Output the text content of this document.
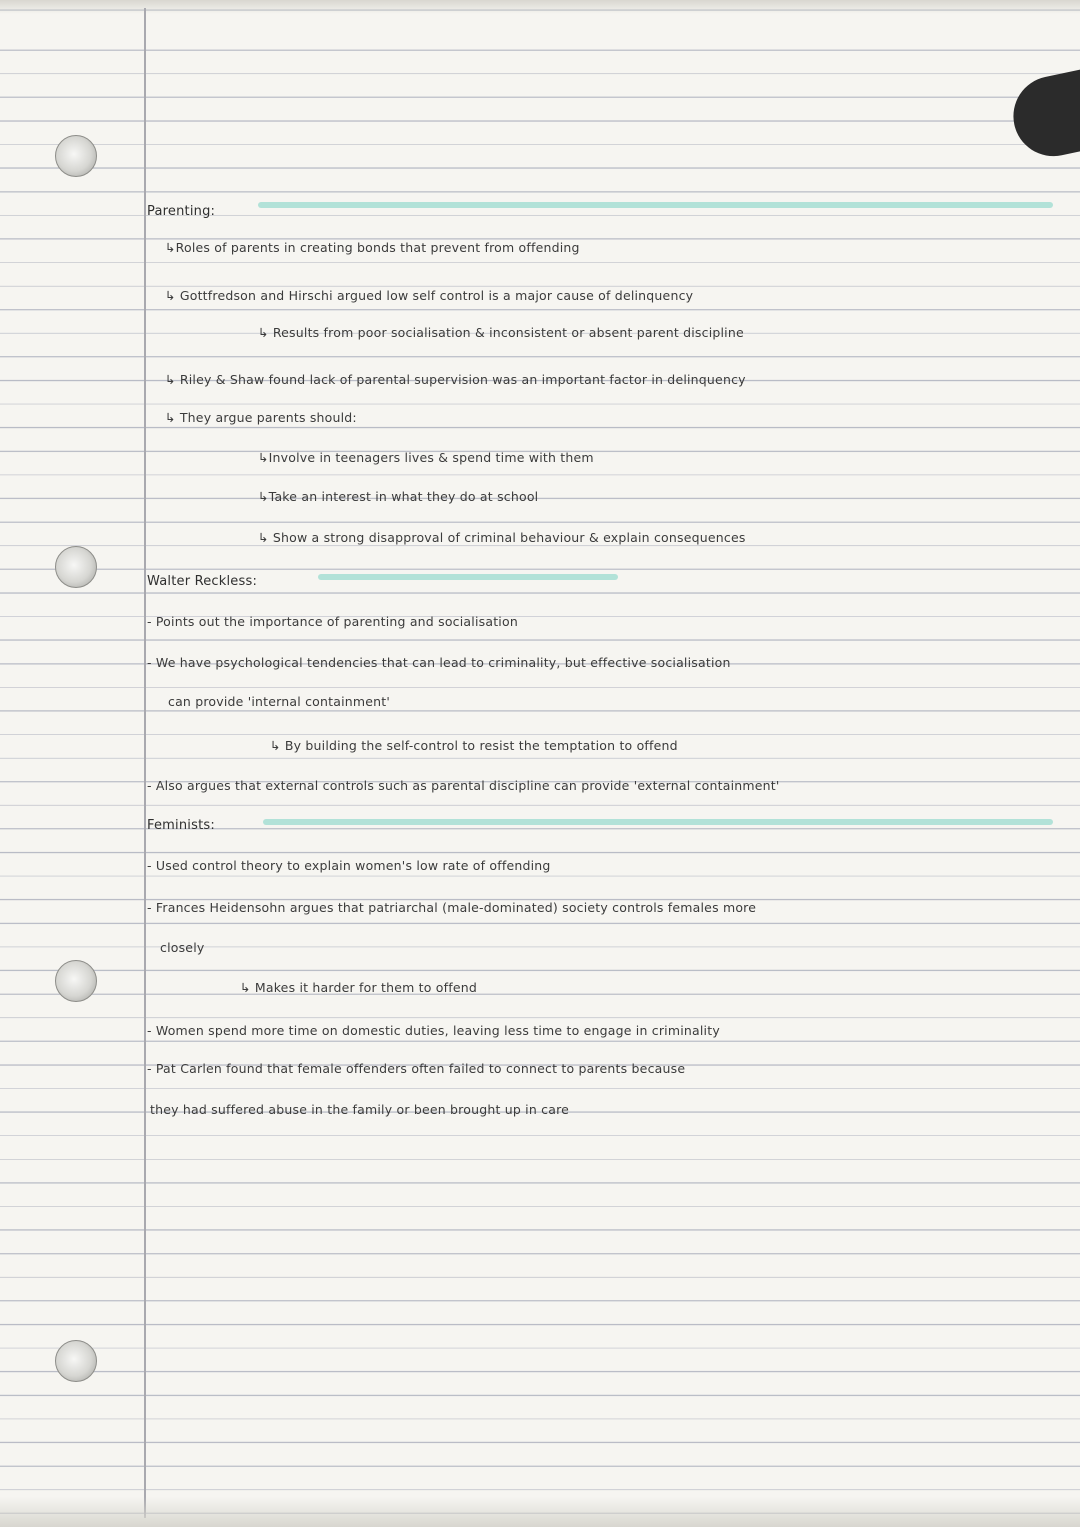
Parenting:
↳Roles of parents in creating bonds that prevent from offending
↳ Gottfredson and Hirschi argued low self control is a major cause of delinquency
↳ Results from poor socialisation & inconsistent or absent parent discipline
↳ Riley & Shaw found lack of parental supervision was an important factor in delinquency
↳ They argue parents should:
↳Involve in teenagers lives & spend time with them
↳Take an interest in what they do at school
↳ Show a strong disapproval of criminal behaviour & explain consequences
Walter Reckless:
- Points out the importance of parenting and socialisation
- We have psychological tendencies that can lead to criminality, but effective socialisation
can provide 'internal containment'
↳ By building the self-control to resist the temptation to offend
- Also argues that external controls such as parental discipline can provide 'external containment'
Feminists:
- Used control theory to explain women's low rate of offending
- Frances Heidensohn argues that patriarchal (male-dominated) society controls females more
closely
↳ Makes it harder for them to offend
- Women spend more time on domestic duties, leaving less time to engage in criminality
- Pat Carlen found that female offenders often failed to connect to parents because
they had suffered abuse in the family or been brought up in care
